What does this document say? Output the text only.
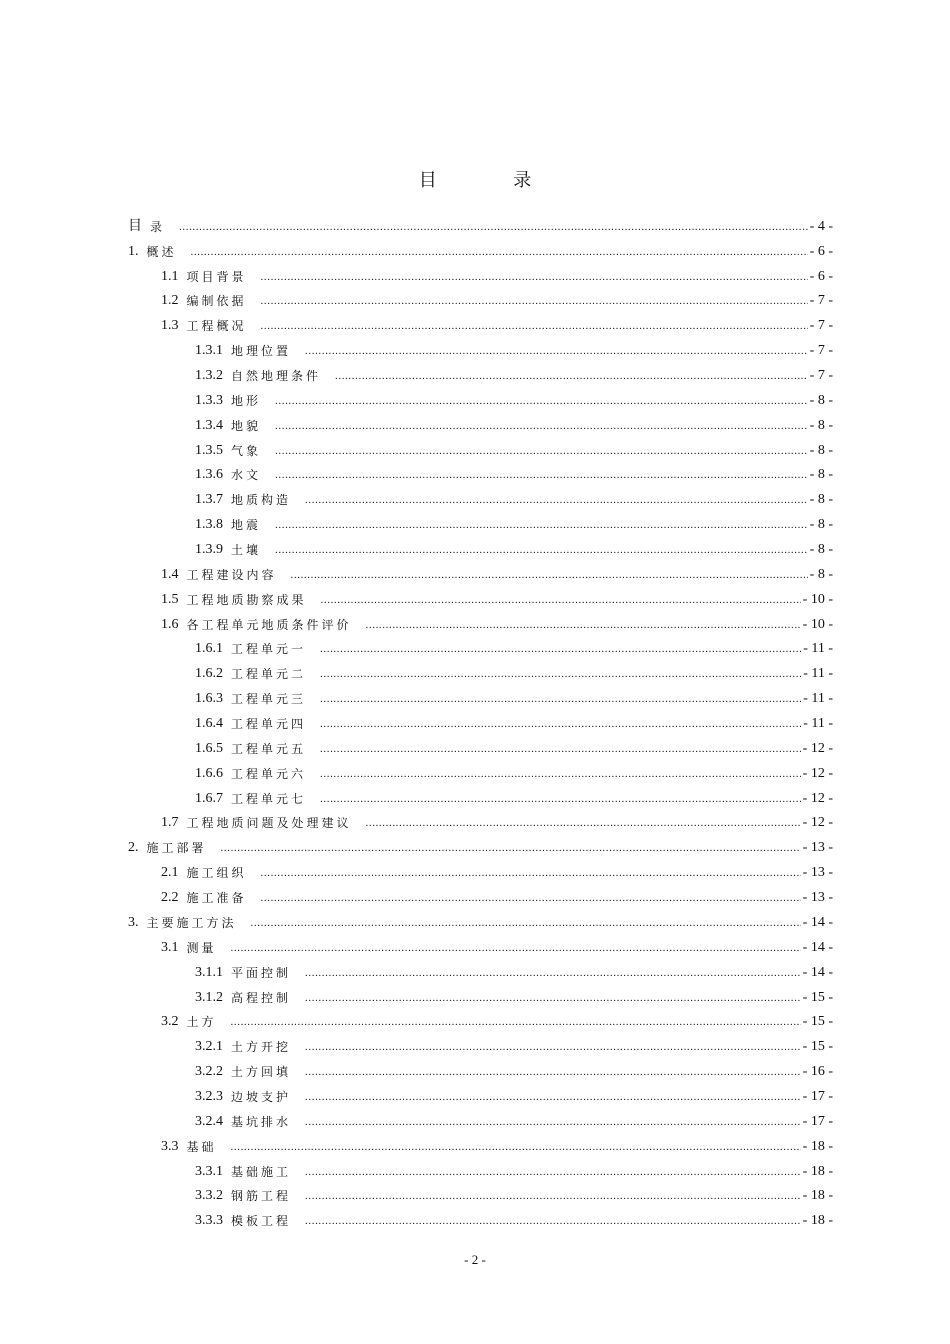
目 录
目 录 .....	- 4 -
1. 概述 .....	- 6 -
1.1 项目背景 .....	- 6 -
1.2 编制依据 .....	- 7 -
1.3 工程概况 .....	- 7 -
1.3.1 地理位置 .....	- 7 -
1.3.2 自然地理条件 .....	- 7 -
1.3.3 地形 .....	- 8 -
1.3.4 地貌 .....	- 8 -
1.3.5 气象 .....	- 8 -
1.3.6 水文 .....	- 8 -
1.3.7 地质构造 .....	- 8 -
1.3.8 地震 .....	- 8 -
1.3.9 土壤 .....	- 8 -
1.4 工程建设内容 .....	- 8 -
1.5 工程地质勘察成果 .....	- 10 -
1.6 各工程单元地质条件评价 .....	- 10 -
1.6.1 工程单元一 .....	- 11 -
1.6.2 工程单元二 .....	- 11 -
1.6.3 工程单元三 .....	- 11 -
1.6.4 工程单元四 .....	- 11 -
1.6.5 工程单元五 .....	- 12 -
1.6.6 工程单元六 .....	- 12 -
1.6.7 工程单元七 .....	- 12 -
1.7 工程地质问题及处理建议 .....	- 12 -
2. 施工部署 .....	- 13 -
2.1 施工组织 .....	- 13 -
2.2 施工准备 .....	- 13 -
3. 主要施工方法 .....	- 14 -
3.1 测量 .....	- 14 -
3.1.1 平面控制 .....	- 14 -
3.1.2 高程控制 .....	- 15 -
3.2 土方 .....	- 15 -
3.2.1 土方开挖 .....	- 15 -
3.2.2 土方回填 .....	- 16 -
3.2.3 边坡支护 .....	- 17 -
3.2.4 基坑排水 .....	- 17 -
3.3 基础 .....	- 18 -
3.3.1 基础施工 .....	- 18 -
3.3.2 钢筋工程 .....	- 18 -
3.3.3 模板工程 .....	- 18 -
- 2 -
